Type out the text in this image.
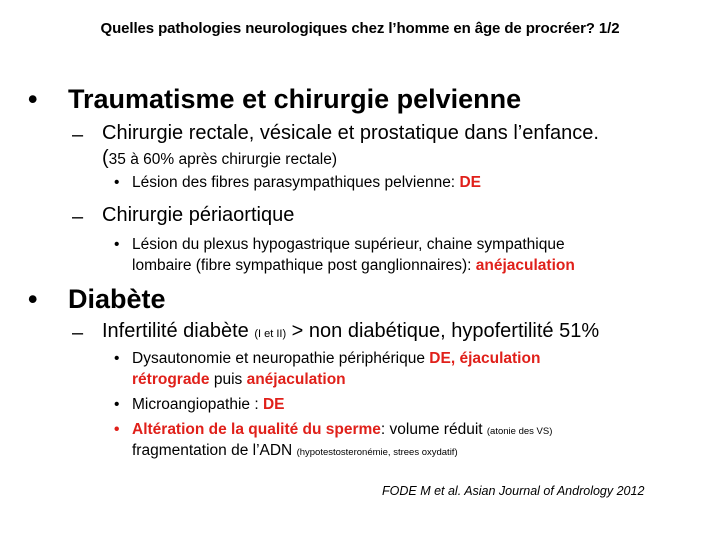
Quelles pathologies neurologiques chez l’homme en âge de procréer? 1/2
• Traumatisme et chirurgie pelvienne
– Chirurgie rectale, vésicale et prostatique dans l’enfance.
(35 à 60% après chirurgie rectale)
• Lésion des fibres parasympathiques pelvienne: DE
– Chirurgie périaortique
• Lésion du plexus hypogastrique supérieur, chaine sympathique
lombaire (fibre sympathique post ganglionnaires): anéjaculation
• Diabète
– Infertilité diabète (I et II) > non diabétique, hypofertilité 51%
• Dysautonomie et neuropathie périphérique DE, éjaculation
rétrograde puis anéjaculation
• Microangiopathie : DE
• Altération de la qualité du sperme: volume réduit (atonie des VS)
fragmentation de l’ADN (hypotestosteronémie, strees oxydatif)
FODE M et al. Asian Journal of Andrology 2012
